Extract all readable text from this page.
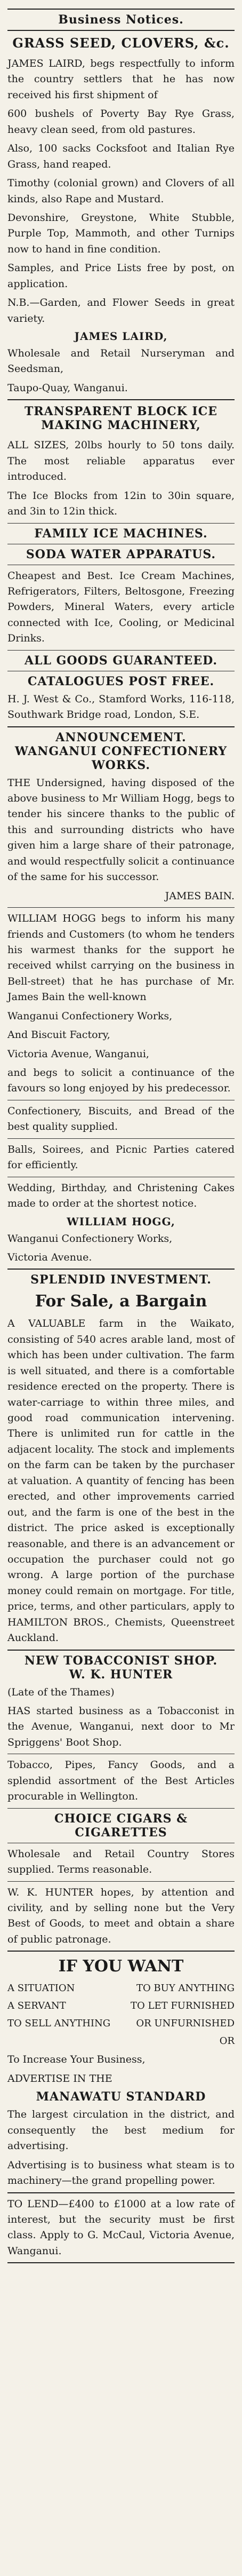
Business Notices.
GRASS SEED, CLOVERS, &c.
JAMES LAIRD, begs respectfully to inform the country settlers that he has now received his first shipment of
600 bushels of Poverty Bay Rye Grass, heavy clean seed, from old pastures.
Also, 100 sacks Cocksfoot and Italian Rye Grass, hand reaped.
Timothy (colonial grown) and Clovers of all kinds, also Rape and Mustard.
Devonshire, Greystone, White Stubble, Purple Top, Mammoth, and other Turnips now to hand in fine condition.
Samples, and Price Lists free by post, on application.
N.B.—Garden, and Flower Seeds in great variety.
JAMES LAIRD,
Wholesale and Retail Nurseryman and Seedsman,
Taupo-Quay, Wanganui.
TRANSPARENT BLOCK ICE MAKING MACHINERY,
ALL SIZES, 20lbs hourly to 50 tons daily. The most reliable apparatus ever introduced.
The Ice Blocks from 12in to 30in square, and 3in to 12in thick.
FAMILY ICE MACHINES.
SODA WATER APPARATUS.
Cheapest and Best. Ice Cream Machines, Refrigerators, Filters, Beltosgone, Freezing Powders, Mineral Waters, every article connected with Ice, Cooling, or Medicinal Drinks.
ALL GOODS GUARANTEED.
CATALOGUES POST FREE.
H. J. West & Co., Stamford Works, 116-118, Southwark Bridge road, London, S.E.
ANNOUNCEMENT.
WANGANUI CONFECTIONERY WORKS.
THE Undersigned, having disposed of the above business to Mr William Hogg, begs to tender his sincere thanks to the public of this and surrounding districts who have given him a large share of their patronage, and would respectfully solicit a continuance of the same for his successor.
JAMES BAIN.
WILLIAM HOGG begs to inform his many friends and Customers (to whom he tenders his warmest thanks for the support he received whilst carrying on the business in Bell-street) that he has purchase of Mr. James Bain the well-known
Wanganui Confectionery Works,
And Biscuit Factory,
Victoria Avenue, Wanganui,
and begs to solicit a continuance of the favours so long enjoyed by his predecessor.
Confectionery, Biscuits, and Bread of the best quality supplied.
Balls, Soirees, and Picnic Parties catered for efficiently.
Wedding, Birthday, and Christening Cakes made to order at the shortest notice.
WILLIAM HOGG,
Wanganui Confectionery Works,
Victoria Avenue.
SPLENDID INVESTMENT.
For Sale, a Bargain
A VALUABLE farm in the Waikato, consisting of 540 acres arable land, most of which has been under cultivation. The farm is well situated, and there is a comfortable residence erected on the property. There is water-carriage to within three miles, and good road communication intervening. There is unlimited run for cattle in the adjacent locality. The stock and implements on the farm can be taken by the purchaser at valuation. A quantity of fencing has been erected, and other improvements carried out, and the farm is one of the best in the district. The price asked is exceptionally reasonable, and there is an advancement or occupation the purchaser could not go wrong. A large portion of the purchase money could remain on mortgage. For title, price, terms, and other particulars, apply to HAMILTON BROS., Chemists, Queenstreet Auckland.
NEW TOBACCONIST SHOP.
W. K. HUNTER
(Late of the Thames)
HAS started business as a Tobacconist in the Avenue, Wanganui, next door to Mr Spriggens' Boot Shop.
Tobacco, Pipes, Fancy Goods, and a splendid assortment of the Best Articles procurable in Wellington.
CHOICE CIGARS & CIGARETTES
Wholesale and Retail Country Stores supplied. Terms reasonable.
W. K. HUNTER hopes, by attention and civility, and by selling none but the Very Best of Goods, to meet and obtain a share of public patronage.
IF YOU WANT
A SITUATION	TO BUY ANYTHING
A SERVANT	TO LET FURNISHED
TO SELL ANYTHING	OR UNFURNISHED
OR
To Increase Your Business,
ADVERTISE IN THE
MANAWATU STANDARD
The largest circulation in the district, and consequently the best medium for advertising.
Advertising is to business what steam is to machinery—the grand propelling power.
TO LEND—£400 to £1000 at a low rate of interest, but the security must be first class. Apply to G. McCaul, Victoria Avenue, Wanganui.
